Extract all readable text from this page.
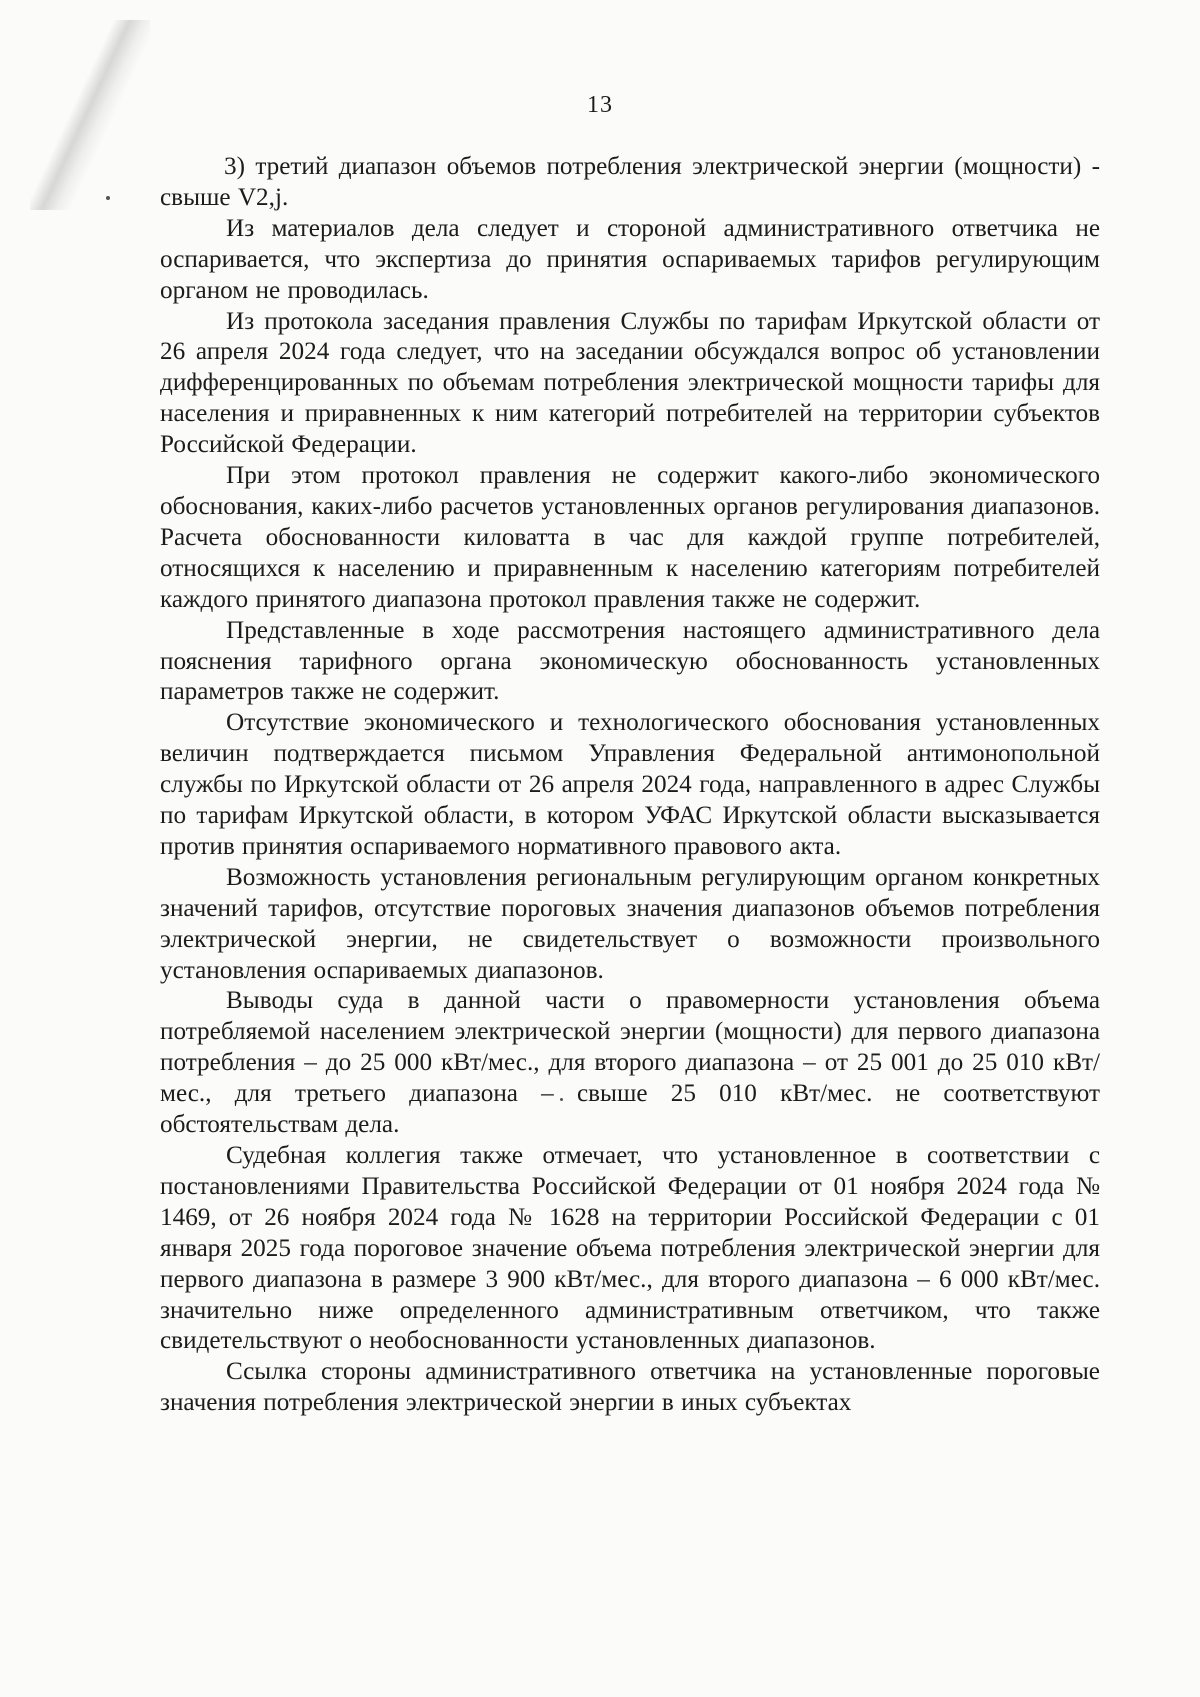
13

3) третий диапазон объемов потребления электрической энергии (мощности) - свыше V2,j.

Из материалов дела следует и стороной административного ответчика не оспаривается, что экспертиза до принятия оспариваемых тарифов регулирующим органом не проводилась.

Из протокола заседания правления Службы по тарифам Иркутской области от 26 апреля 2024 года следует, что на заседании обсуждался вопрос об установлении дифференцированных по объемам потребления электрической мощности тарифы для населения и приравненных к ним категорий потребителей на территории субъектов Российской Федерации.

При этом протокол правления не содержит какого-либо экономического обоснования, каких-либо расчетов установленных органов регулирования диапазонов. Расчета обоснованности киловатта в час для каждой группе потребителей, относящихся к населению и приравненным к населению категориям потребителей каждого принятого диапазона протокол правления также не содержит.

Представленные в ходе рассмотрения настоящего административного дела пояснения тарифного органа экономическую обоснованность установленных параметров также не содержит.

Отсутствие экономического и технологического обоснования установленных величин подтверждается письмом Управления Федеральной антимонопольной службы по Иркутской области от 26 апреля 2024 года, направленного в адрес Службы по тарифам Иркутской области, в котором УФАС Иркутской области высказывается против принятия оспариваемого нормативного правового акта.

Возможность установления региональным регулирующим органом конкретных значений тарифов, отсутствие пороговых значения диапазонов объемов потребления электрической энергии, не свидетельствует о возможности произвольного установления оспариваемых диапазонов.

Выводы суда в данной части о правомерности установления объема потребляемой населением электрической энергии (мощности) для первого диапазона потребления – до 25 000 кВт/мес., для второго диапазона – от 25 001 до 25 010 кВт/мес., для третьего диапазона – свыше 25 010 кВт/мес. не соответствуют обстоятельствам дела.

Судебная коллегия также отмечает, что установленное в соответствии с постановлениями Правительства Российской Федерации от 01 ноября 2024 года № 1469, от 26 ноября 2024 года № 1628 на территории Российской Федерации с 01 января 2025 года пороговое значение объема потребления электрической энергии для первого диапазона в размере 3 900 кВт/мес., для второго диапазона – 6 000 кВт/мес. значительно ниже определенного административным ответчиком, что также свидетельствуют о необоснованности установленных диапазонов.

Ссылка стороны административного ответчика на установленные пороговые значения потребления электрической энергии в иных субъектах
